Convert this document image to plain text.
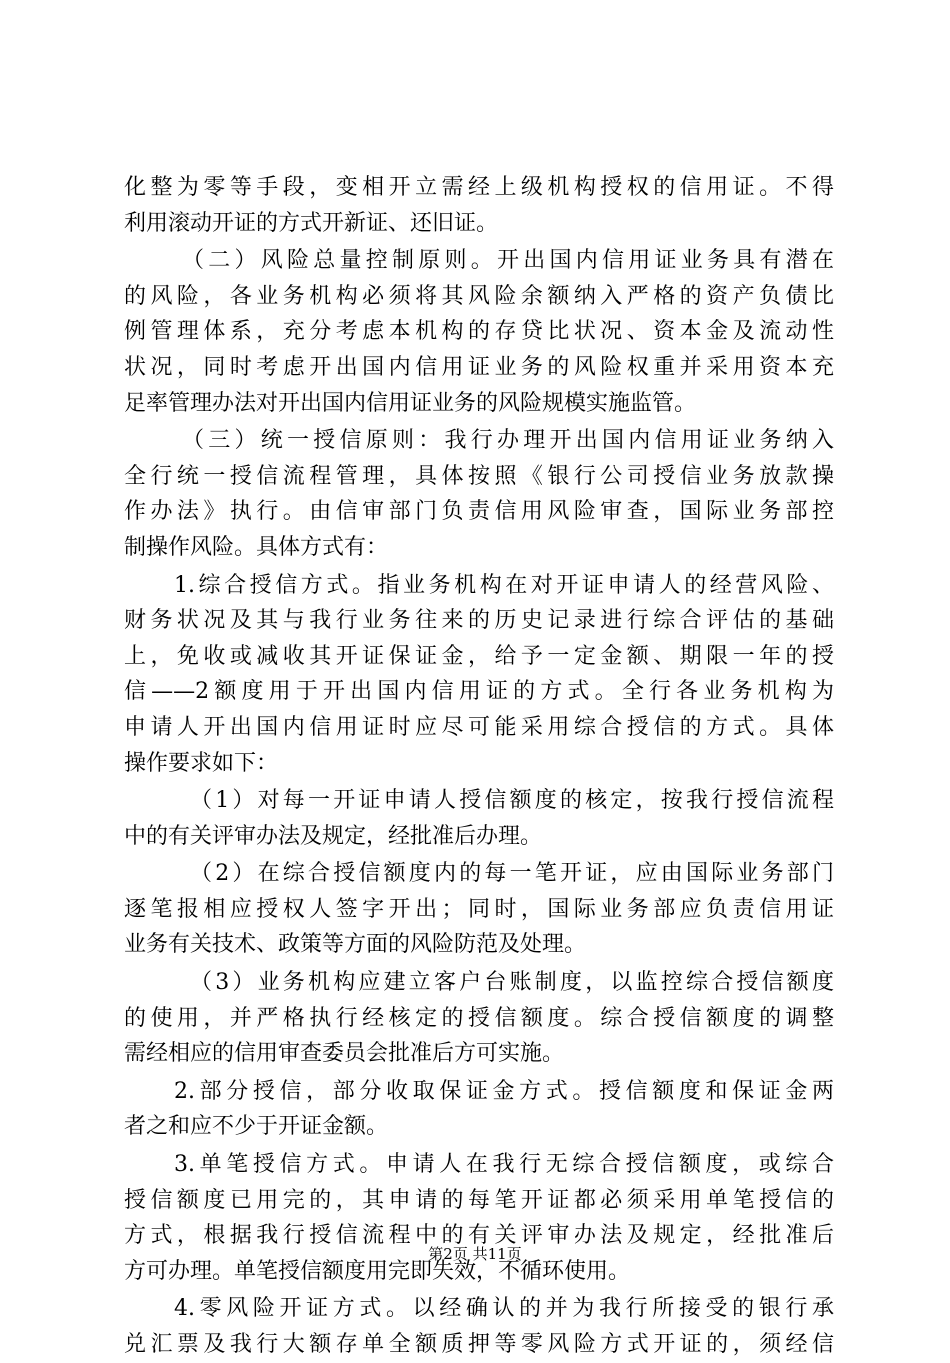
化整为零等手段，变相开立需经上级机构授权的信用证。不得
利用滚动开证的方式开新证、还旧证。
（二）风险总量控制原则。开出国内信用证业务具有潜在
的风险，各业务机构必须将其风险余额纳入严格的资产负债比
例管理体系，充分考虑本机构的存贷比状况、资本金及流动性
状况，同时考虑开出国内信用证业务的风险权重并采用资本充
足率管理办法对开出国内信用证业务的风险规模实施监管。
（三）统一授信原则：我行办理开出国内信用证业务纳入
全行统一授信流程管理，具体按照《银行公司授信业务放款操
作办法》执行。由信审部门负责信用风险审查，国际业务部控
制操作风险。具体方式有：
1.综合授信方式。指业务机构在对开证申请人的经营风险、
财务状况及其与我行业务往来的历史记录进行综合评估的基础
上，免收或减收其开证保证金，给予一定金额、期限一年的授
信——2额度用于开出国内信用证的方式。全行各业务机构为
申请人开出国内信用证时应尽可能采用综合授信的方式。具体
操作要求如下：
（1）对每一开证申请人授信额度的核定，按我行授信流程
中的有关评审办法及规定，经批准后办理。
（2）在综合授信额度内的每一笔开证，应由国际业务部门
逐笔报相应授权人签字开出；同时，国际业务部应负责信用证
业务有关技术、政策等方面的风险防范及处理。
（3）业务机构应建立客户台账制度，以监控综合授信额度
的使用，并严格执行经核定的授信额度。综合授信额度的调整
需经相应的信用审查委员会批准后方可实施。
2.部分授信，部分收取保证金方式。授信额度和保证金两
者之和应不少于开证金额。
3.单笔授信方式。申请人在我行无综合授信额度，或综合
授信额度已用完的，其申请的每笔开证都必须采用单笔授信的
方式，根据我行授信流程中的有关评审办法及规定，经批准后
方可办理。单笔授信额度用完即失效，不循环使用。
4.零风险开证方式。以经确认的并为我行所接受的银行承
兑汇票及我行大额存单全额质押等零风险方式开证的，须经信
第2页 共11页
